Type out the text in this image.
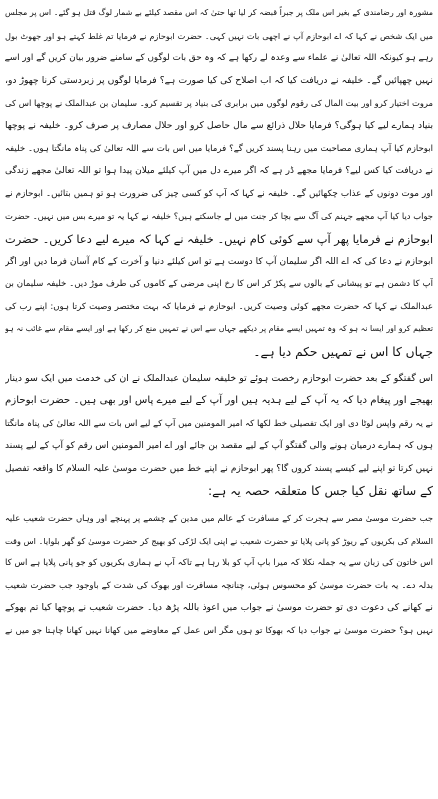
مشورہ اور رضامندی کے بغیر اس ملک پر جبراً قبضہ کر لیا تھا حتیٰ کہ اس مقصد کیلئے بے شمار لوگ قتل ہو گئے۔ اس پر مجلس
میں ایک شخص نے کہا کہ اے ابوحازم آپ نے اچھی بات نہیں کہی۔ حضرت ابوحازم نے فرمایا تم غلط کہتے ہو اور جھوٹ بول
رہے ہو کیونکہ اللہ تعالیٰ نے علماء سے وعدہ لے رکھا ہے کہ وہ حق بات لوگوں کے سامنے ضرور بیان کریں گے اور اسے
نہیں چھپائیں گے۔ خلیفہ نے دریافت کیا کہ اب اصلاح کی کیا صورت ہے؟ فرمایا لوگوں پر زبردستی کرنا چھوڑ دو،
مروت اختیار کرو اور بیت المال کی رقوم لوگوں میں برابری کی بنیاد پر تقسیم کرو۔ سلیمان بن عبدالملک نے پوچھا اس کی
بنیاد ہمارے لیے کیا ہوگی؟ فرمایا حلال ذرائع سے مال حاصل کرو اور حلال مصارف پر صرف کرو۔ خلیفہ نے پوچھا
ابوحازم کیا آپ ہماری مصاحبت میں رہنا پسند کریں گے؟ فرمایا میں اس بات سے اللہ تعالیٰ کی پناہ مانگتا ہوں۔ خلیفہ
نے دریافت کیا کس لیے؟ فرمایا مجھے ڈر ہے کہ اگر میرے دل میں آپ کیلئے میلان پیدا ہوا تو اللہ تعالیٰ مجھے زندگی
اور موت دونوں کے عذاب چکھائیں گے۔ خلیفہ نے کہا کہ آپ کو کسی چیز کی ضرورت ہو تو ہمیں بتائیں۔ ابوحازم نے
جواب دیا کیا آپ مجھے جہنم کی آگ سے بچا کر جنت میں لے جاسکتے ہیں؟ خلیفہ نے کہا یہ تو میرے بس میں نہیں۔ حضرت
ابوحازم نے فرمایا پھر آپ سے کوئی کام نہیں۔ خلیفہ نے کہا کہ میرے لیے دعا کریں۔ حضرت
ابوحازم نے دعا کی کہ اے اللہ اگر سلیمان آپ کا دوست ہے تو اس کیلئے دنیا و آخرت کے کام آسان فرما دیں اور اگر
آپ کا دشمن ہے تو پیشانی کے بالوں سے پکڑ کر اس کا رخ اپنی مرضی کے کاموں کی طرف موڑ دیں۔ خلیفہ سلیمان بن
عبدالملک نے کہا کہ حضرت مجھے کوئی وصیت کریں۔ ابوحازم نے فرمایا کہ بہت مختصر وصیت کرتا ہوں: اپنے رب کی
تعظیم کرو اور ایسا نہ ہو کہ وہ تمہیں ایسے مقام پر دیکھے جہاں سے اس نے تمہیں منع کر رکھا ہے اور ایسے مقام سے غائب نہ ہو
جہاں کا اس نے تمہیں حکم دیا ہے۔
اس گفتگو کے بعد حضرت ابوحازم رخصت ہوئے تو خلیفہ سلیمان عبدالملک نے ان کی خدمت میں ایک سو دینار
بھیجے اور پیغام دیا کہ یہ آپ کے لیے ہدیہ ہیں اور آپ کے لیے میرے پاس اور بھی ہیں۔ حضرت ابوحازم
نے یہ رقم واپس لوٹا دی اور ایک تفصیلی خط لکھا کہ امیر المومنین میں آپ کے لیے اس بات سے اللہ تعالیٰ کی پناہ مانگتا
ہوں کہ ہمارے درمیان ہونے والی گفتگو آپ کے لیے مقصد بن جائے اور اے امیر المومنین اس رقم کو آپ کے لیے پسند
نہیں کرتا تو اپنے لیے کیسے پسند کروں گا؟ پھر ابوحازم نے اپنے خط میں حضرت موسیٰ علیہ السلام کا واقعہ تفصیل
کے ساتھ نقل کیا جس کا متعلقہ حصہ یہ ہے:
جب حضرت موسیٰ مصر سے ہجرت کر کے مسافرت کے عالم میں مدین کے چشمے پر پہنچے اور وہاں حضرت شعیب علیہ
السلام کی بکریوں کے ریوڑ کو پانی پلایا تو حضرت شعیب نے اپنی ایک لڑکی کو بھیج کر حضرت موسیٰ کو گھر بلوایا۔ اس وقت
اس خاتون کی زبان سے یہ جملہ نکلا کہ میرا باپ آپ کو بلا رہا ہے تاکہ آپ نے ہماری بکریوں کو جو پانی پلایا ہے اس کا
بدلہ دے۔ یہ بات حضرت موسیٰ کو محسوس ہوئی، چنانچہ مسافرت اور بھوک کی شدت کے باوجود جب حضرت شعیب
نے کھانے کی دعوت دی تو حضرت موسیٰ نے جواب میں اعوذ باللہ پڑھ دیا۔ حضرت شعیب نے پوچھا کیا تم بھوکے
نہیں ہو؟ حضرت موسیٰ نے جواب دیا کہ بھوکا تو ہوں مگر اس عمل کے معاوضے میں کھانا نہیں کھانا چاہتا جو میں نے
